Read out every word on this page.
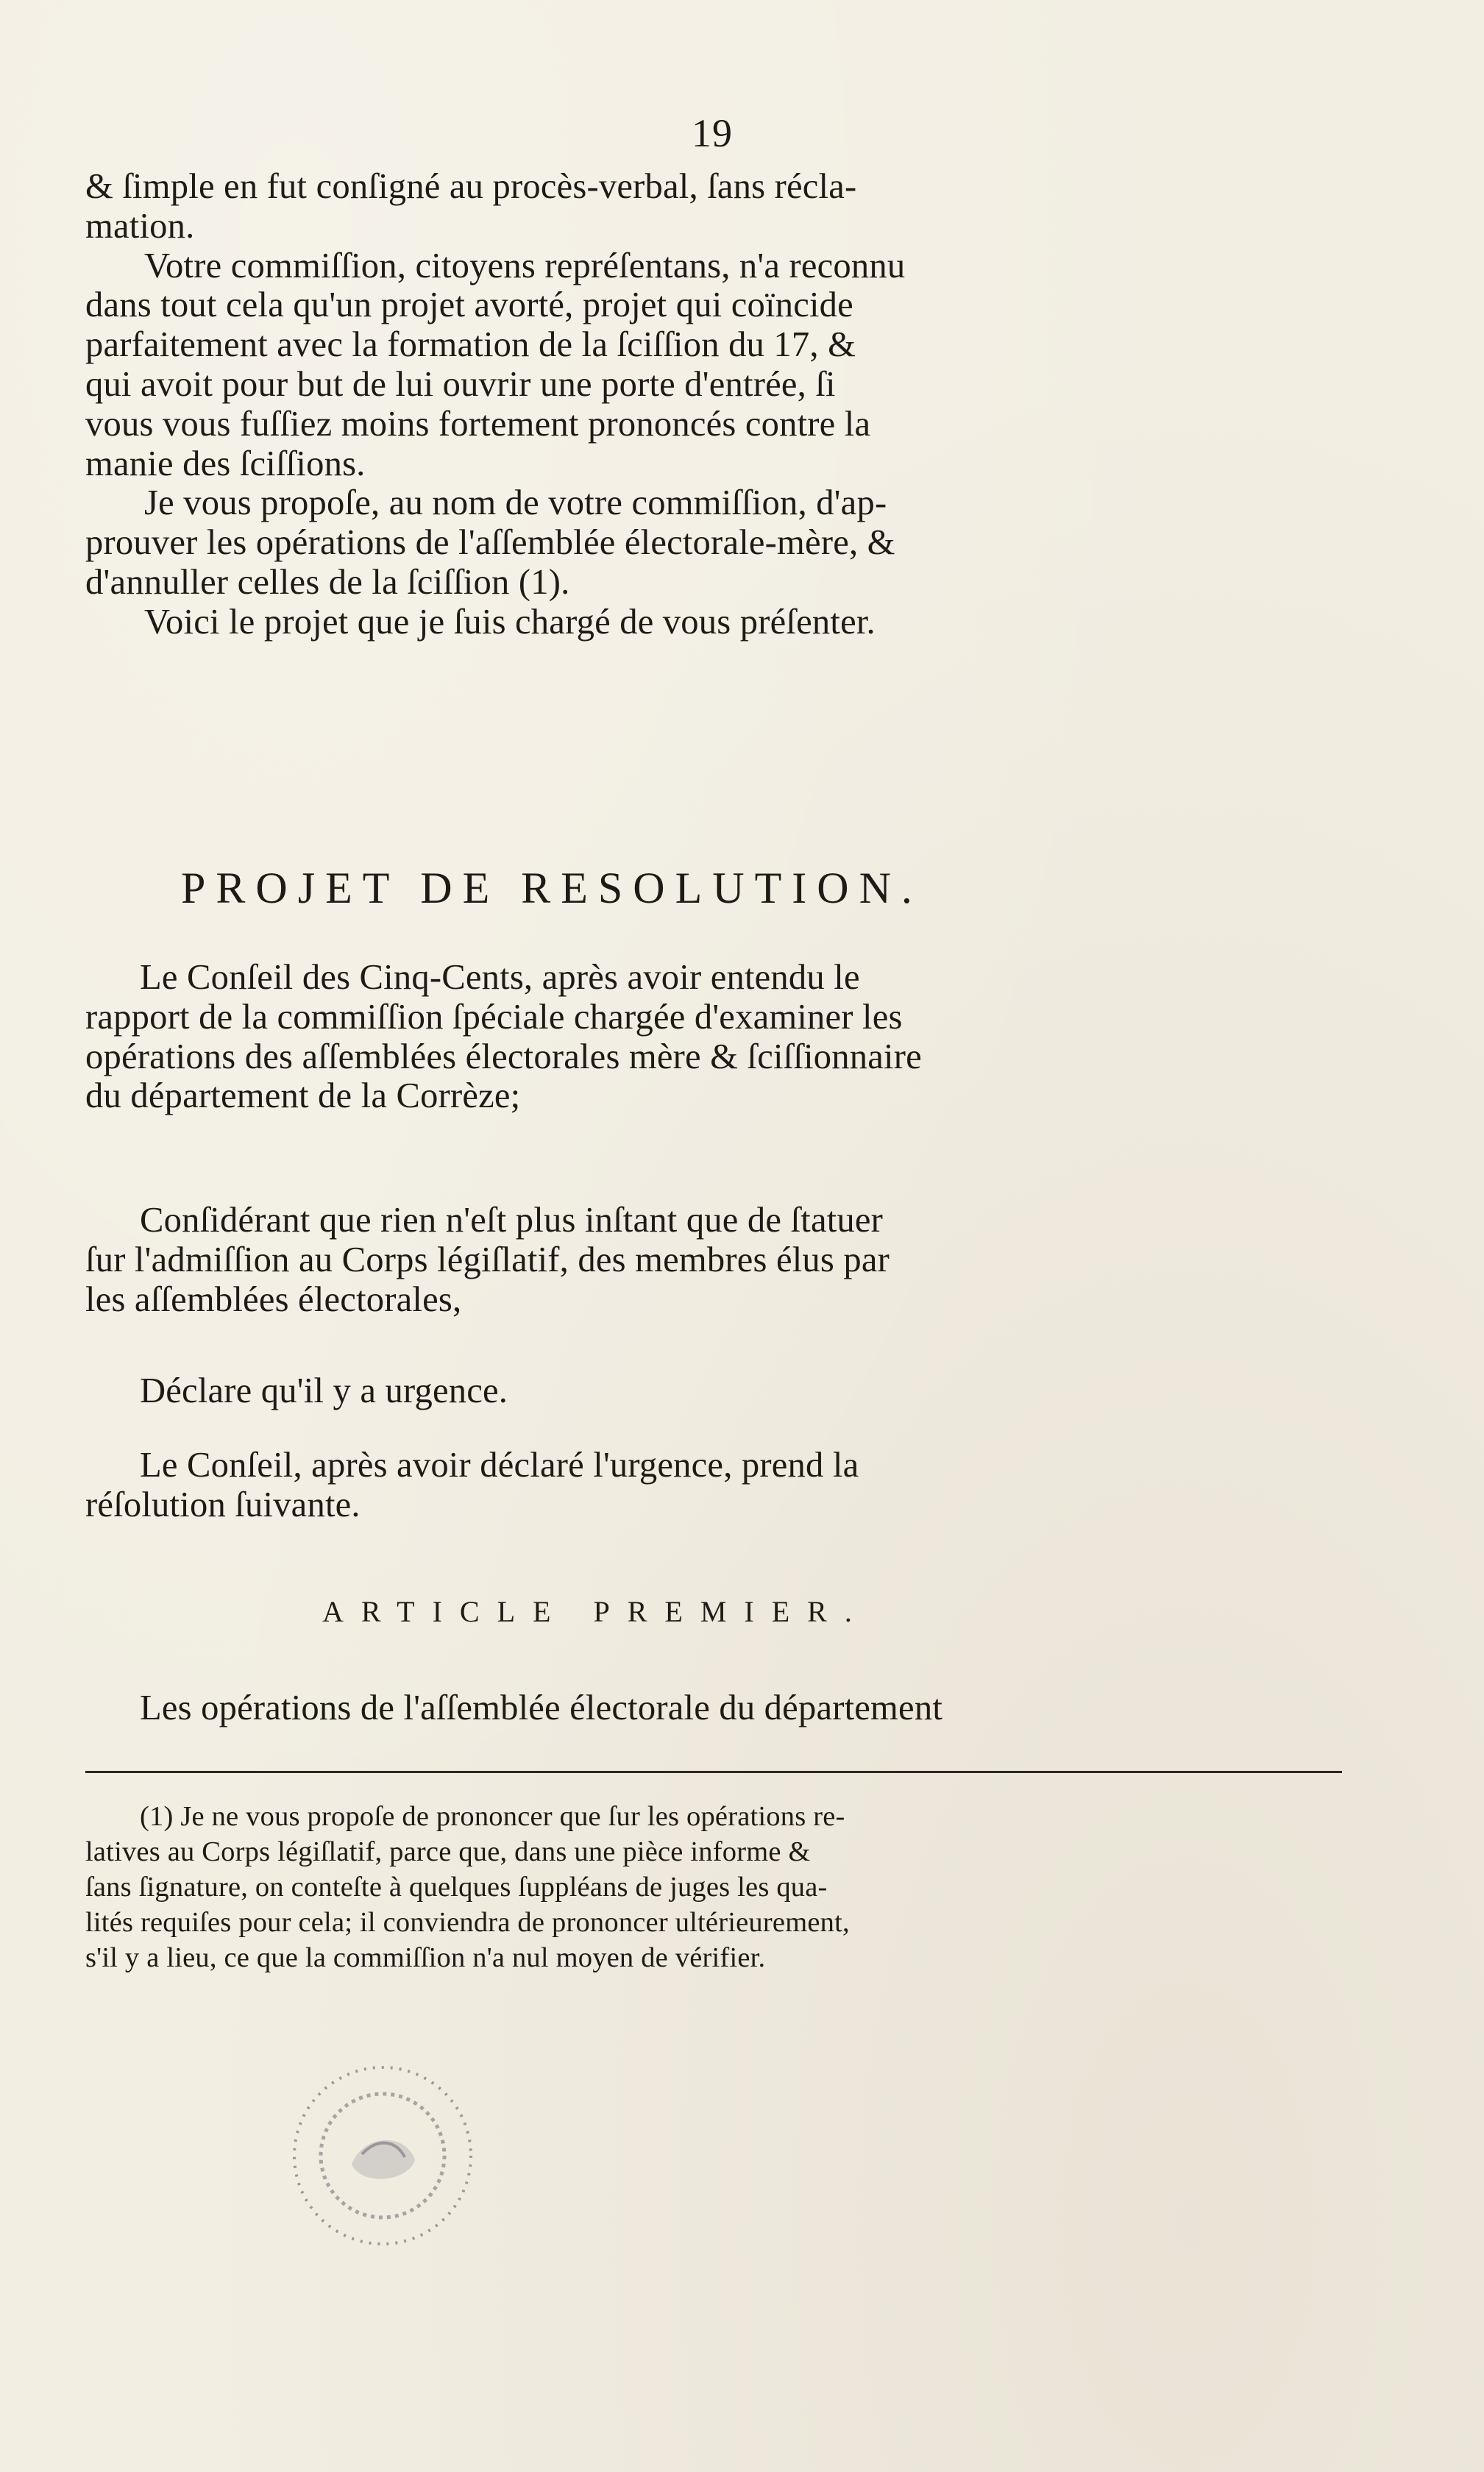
19
& ſimple en fut conſigné au procès-verbal, ſans récla-
mation.
Votre commiſſion, citoyens repréſentans, n'a reconnu
dans tout cela qu'un projet avorté, projet qui coïncide
parfaitement avec la formation de la ſciſſion du 17, &
qui avoit pour but de lui ouvrir une porte d'entrée, ſi
vous vous fuſſiez moins fortement prononcés contre la
manie des ſciſſions.
Je vous propoſe, au nom de votre commiſſion, d'ap-
prouver les opérations de l'aſſemblée électorale-mère, &
d'annuller celles de la ſciſſion (1).
Voici le projet que je ſuis chargé de vous préſenter.
PROJET DE RESOLUTION.
Le Conſeil des Cinq-Cents, après avoir entendu le
rapport de la commiſſion ſpéciale chargée d'examiner les
opérations des aſſemblées électorales mère & ſciſſionnaire
du département de la Corrèze;
Conſidérant que rien n'eſt plus inſtant que de ſtatuer
ſur l'admiſſion au Corps légiſlatif, des membres élus par
les aſſemblées électorales,
Déclare qu'il y a urgence.
Le Conſeil, après avoir déclaré l'urgence, prend la
réſolution ſuivante.
ARTICLE PREMIER.
Les opérations de l'aſſemblée électorale du département
(1) Je ne vous propoſe de prononcer que ſur les opérations re-
latives au Corps légiſlatif, parce que, dans une pièce informe &
ſans ſignature, on conteſte à quelques ſuppléans de juges les qua-
lités requiſes pour cela; il conviendra de prononcer ultérieurement,
s'il y a lieu, ce que la commiſſion n'a nul moyen de vérifier.
